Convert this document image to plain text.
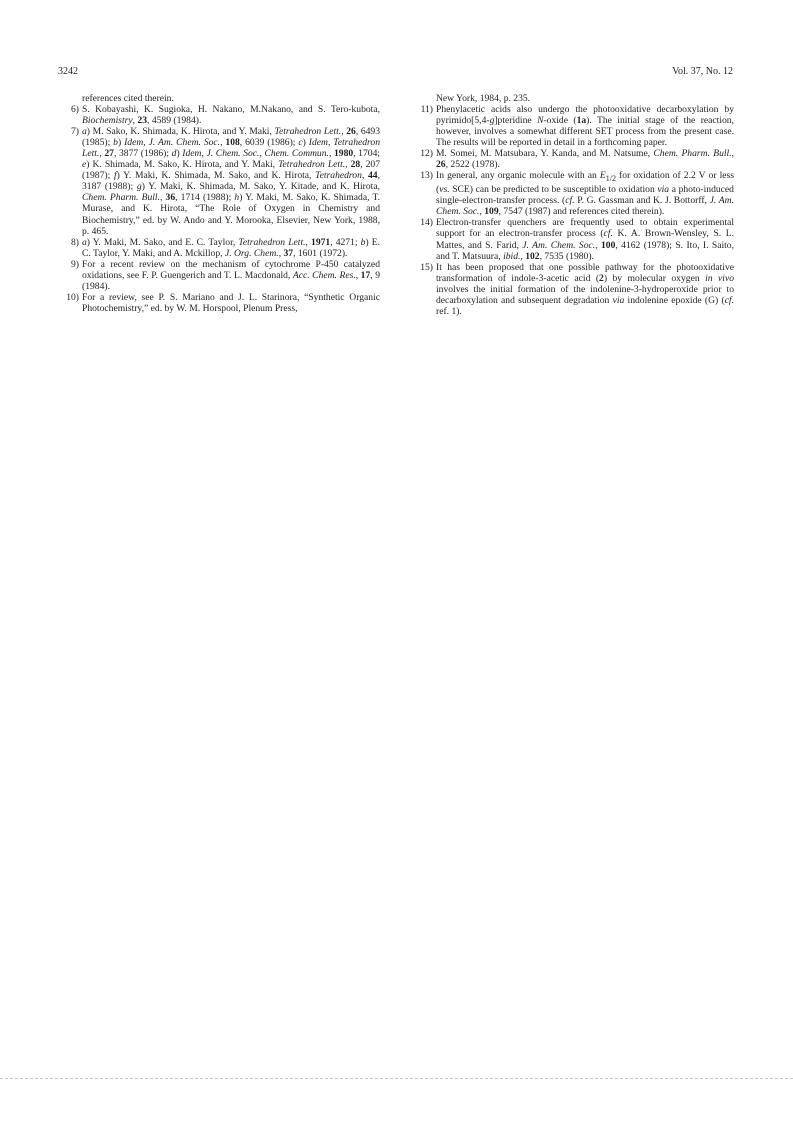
3242	Vol. 37, No. 12

references cited therein.

6) S. Kobayashi, K. Sugioka, H. Nakano, M.Nakano, and S. Tero-kubota, Biochemistry, 23, 4589 (1984).

7) a) M. Sako, K. Shimada, K. Hirota, and Y. Maki, Tetrahedron Lett., 26, 6493 (1985); b) Idem, J. Am. Chem. Soc., 108, 6039 (1986); c) Idem, Tetrahedron Lett., 27, 3877 (1986); d) Idem, J. Chem. Soc., Chem. Commun., 1980, 1704; e) K. Shimada, M. Sako, K. Hirota, and Y. Maki, Tetrahedron Lett., 28, 207 (1987); f) Y. Maki, K. Shimada, M. Sako, and K. Hirota, Tetrahedron, 44, 3187 (1988); g) Y. Maki, K. Shimada, M. Sako, Y. Kitade, and K. Hirota, Chem. Pharm. Bull., 36, 1714 (1988); h) Y. Maki, M. Sako, K. Shimada, T. Murase, and K. Hirota, “The Role of Oxygen in Chemistry and Biochemistry,” ed. by W. Ando and Y. Morooka, Elsevier, New York, 1988, p. 465.

8) a) Y. Maki, M. Sako, and E. C. Taylor, Tetrahedron Lett., 1971, 4271; b) E. C. Taylor, Y. Maki, and A. Mckillop, J. Org. Chem., 37, 1601 (1972).

9) For a recent review on the mechanism of cytochrome P-450 catalyzed oxidations, see F. P. Guengerich and T. L. Macdonald, Acc. Chem. Res., 17, 9 (1984).

10) For a review, see P. S. Mariano and J. L. Starinora, “Synthetic Organic Photochemistry,” ed. by W. M. Horspool, Plenum Press,

New York, 1984, p. 235.

11) Phenylacetic acids also undergo the photooxidative decarboxylation by pyrimido[5,4-g]pteridine N-oxide (1a). The initial stage of the reaction, however, involves a somewhat different SET process from the present case. The results will be reported in detail in a forthcoming paper.

12) M. Somei, M. Matsubara, Y. Kanda, and M. Natsume, Chem. Pharm. Bull., 26, 2522 (1978).

13) In general, any organic molecule with an $E_{1/2}$ for oxidation of 2.2 V or less (vs. SCE) can be predicted to be susceptible to oxidation via a photo-induced single-electron-transfer process. (cf. P. G. Gassman and K. J. Bottorff, J. Am. Chem. Soc., 109, 7547 (1987) and references cited therein).

14) Electron-transfer quenchers are frequently used to obtain experimental support for an electron-transfer process (cf. K. A. Brown-Wensley, S. L. Mattes, and S. Farid, J. Am. Chem. Soc., 100, 4162 (1978); S. Ito, I. Saito, and T. Matsuura, ibid., 102, 7535 (1980).

15) It has been proposed that one possible pathway for the photooxidative transformation of indole-3-acetic acid (2) by molecular oxygen in vivo involves the initial formation of the indolenine-3-hydroperoxide prior to decarboxylation and subsequent degradation via indolenine epoxide (G) (cf. ref. 1).
